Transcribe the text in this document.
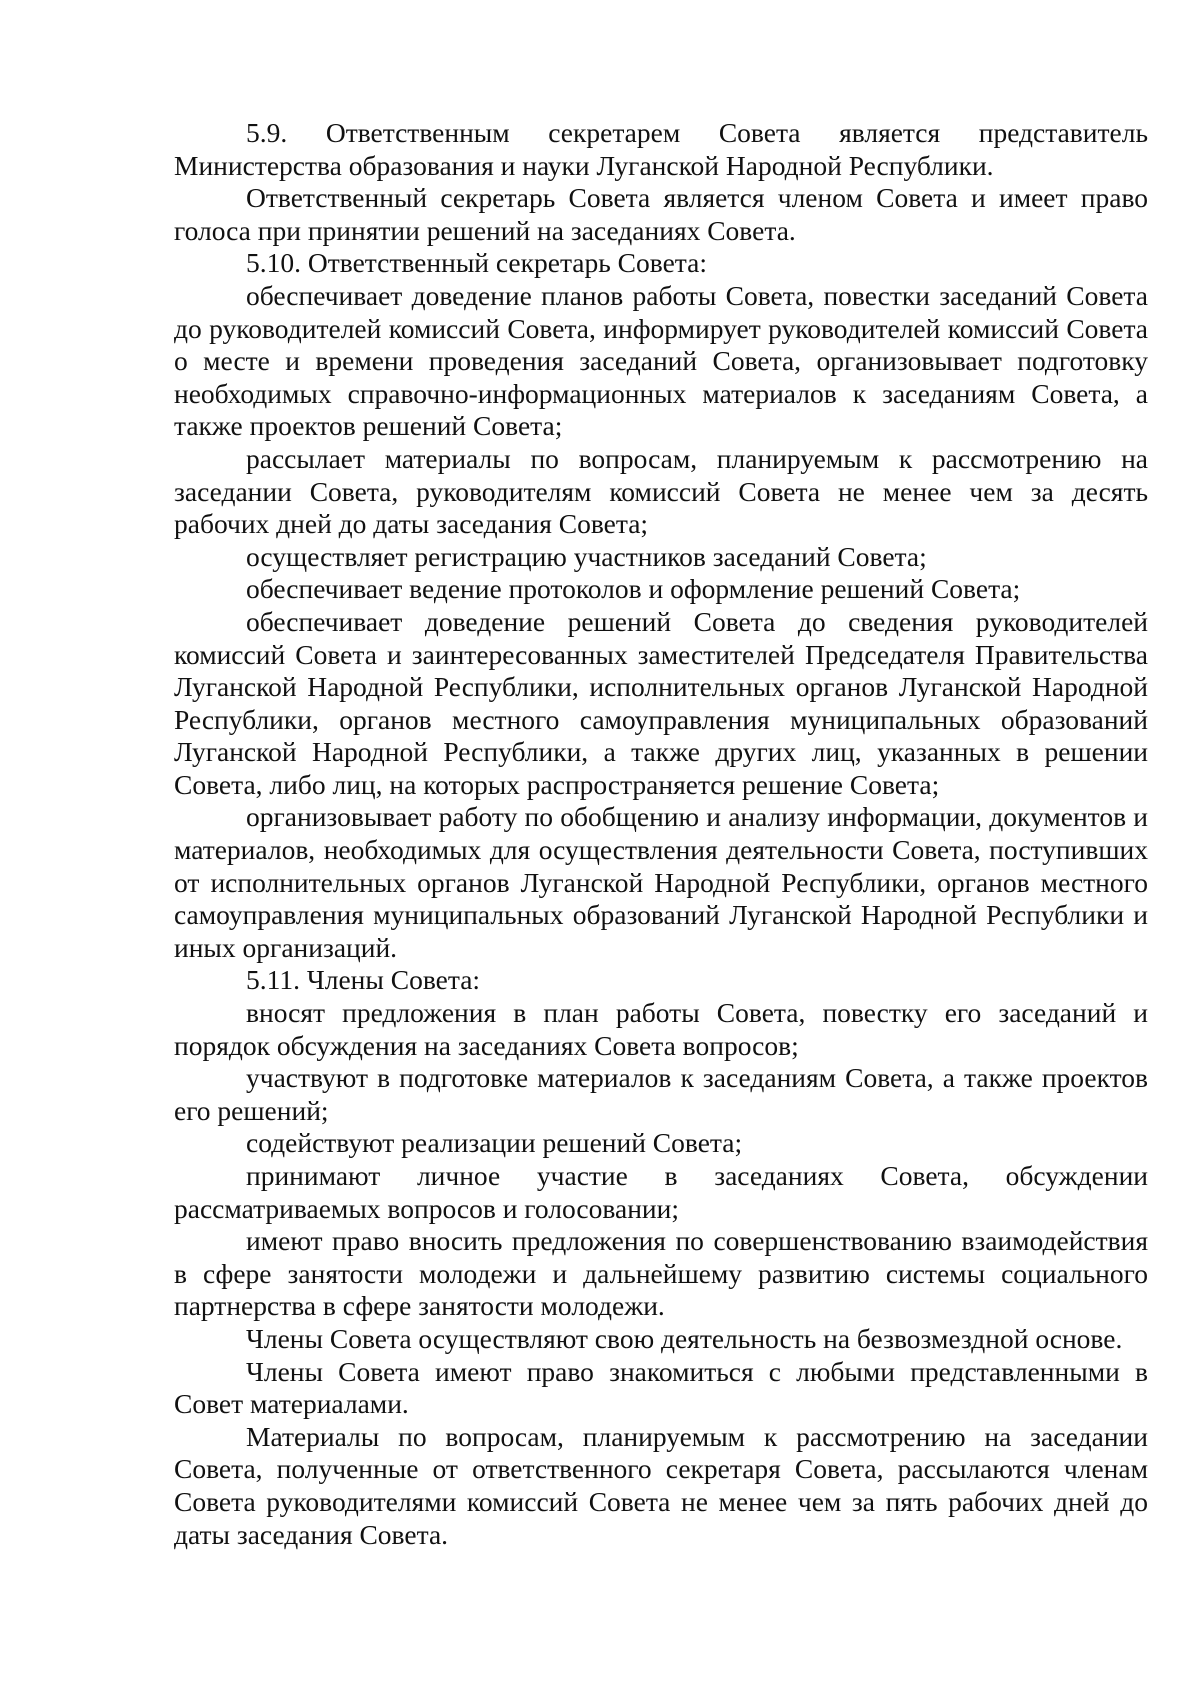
5.9. Ответственным секретарем Совета является представитель Министерства образования и науки Луганской Народной Республики.

Ответственный секретарь Совета является членом Совета и имеет право голоса при принятии решений на заседаниях Совета.

5.10. Ответственный секретарь Совета:

обеспечивает доведение планов работы Совета, повестки заседаний Совета до руководителей комиссий Совета, информирует руководителей комиссий Совета о месте и времени проведения заседаний Совета, организовывает подготовку необходимых справочно-информационных материалов к заседаниям Совета, а также проектов решений Совета;

рассылает материалы по вопросам, планируемым к рассмотрению на заседании Совета, руководителям комиссий Совета не менее чем за десять рабочих дней до даты заседания Совета;

осуществляет регистрацию участников заседаний Совета;

обеспечивает ведение протоколов и оформление решений Совета;

обеспечивает доведение решений Совета до сведения руководителей комиссий Совета и заинтересованных заместителей Председателя Правительства Луганской Народной Республики, исполнительных органов Луганской Народной Республики, органов местного самоуправления муниципальных образований Луганской Народной Республики, а также других лиц, указанных в решении Совета, либо лиц, на которых распространяется решение Совета;

организовывает работу по обобщению и анализу информации, документов и материалов, необходимых для осуществления деятельности Совета, поступивших от исполнительных органов Луганской Народной Республики, органов местного самоуправления муниципальных образований Луганской Народной Республики и иных организаций.

5.11. Члены Совета:

вносят предложения в план работы Совета, повестку его заседаний и порядок обсуждения на заседаниях Совета вопросов;

участвуют в подготовке материалов к заседаниям Совета, а также проектов его решений;

содействуют реализации решений Совета;

принимают личное участие в заседаниях Совета, обсуждении рассматриваемых вопросов и голосовании;

имеют право вносить предложения по совершенствованию взаимодействия в сфере занятости молодежи и дальнейшему развитию системы социального партнерства в сфере занятости молодежи.

Члены Совета осуществляют свою деятельность на безвозмездной основе.

Члены Совета имеют право знакомиться с любыми представленными в Совет материалами.

Материалы по вопросам, планируемым к рассмотрению на заседании Совета, полученные от ответственного секретаря Совета, рассылаются членам Совета руководителями комиссий Совета не менее чем за пять рабочих дней до даты заседания Совета.
